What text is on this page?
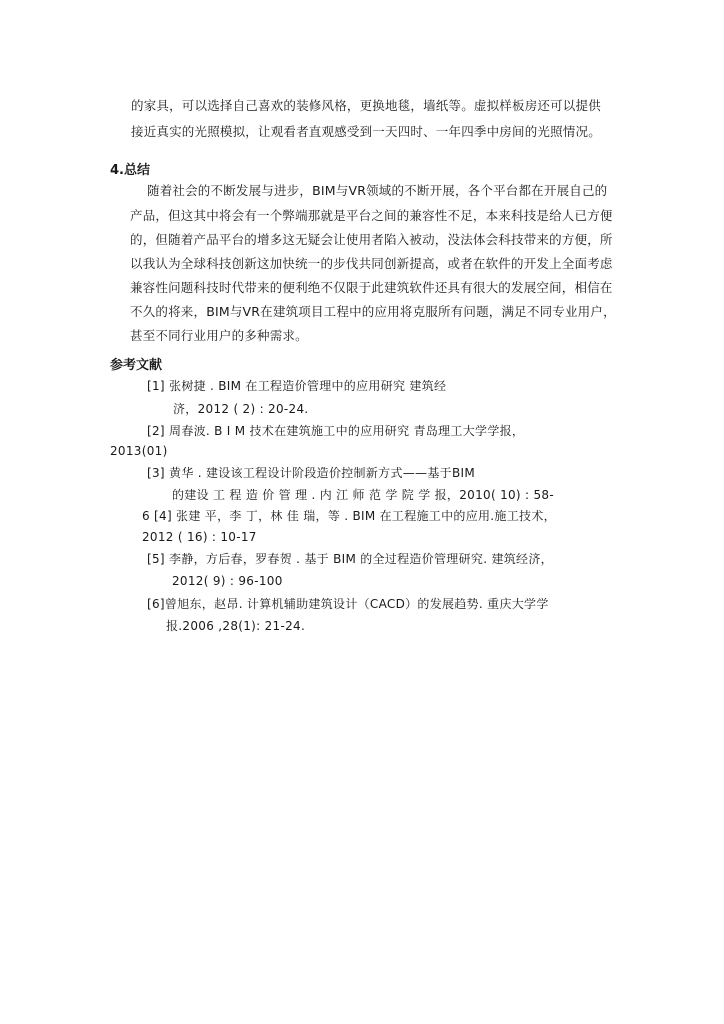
的家具，可以选择自己喜欢的装修风格，更换地毯，墙纸等。虚拟样板房还可以提供
接近真实的光照模拟，让观看者直观感受到一天四时、一年四季中房间的光照情况。
4.总结
随着社会的不断发展与进步，BIM与VR领域的不断开展，各个平台都在开展自己的
产品，但这其中将会有一个弊端那就是平台之间的兼容性不足，本来科技是给人已方便
的，但随着产品平台的增多这无疑会让使用者陷入被动，没法体会科技带来的方便，所
以我认为全球科技创新这加快统一的步伐共同创新提高，或者在软件的开发上全面考虑
兼容性问题科技时代带来的便利绝不仅限于此建筑软件还具有很大的发展空间，相信在
不久的将来，BIM与VR在建筑项目工程中的应用将克服所有问题，满足不同专业用户，
甚至不同行业用户的多种需求。
参考文献
[1] 张树捷 . BIM 在工程造价管理中的应用研究 建筑经
济，2012 ( 2) : 20-24.
[2] 周春波. B I M 技术在建筑施工中的应用研究 青岛理工大学学报，
2013(01)
[3] 黄华 . 建设该工程设计阶段造价控制新方式——基于BIM
的建设 工 程 造 价 管 理 . 内 江 师 范 学 院 学 报，2010( 10) : 58-
6 [4] 张建 平，李 丁，林 佳 瑞，等 . BIM 在工程施工中的应用.施工技术，
2012 ( 16) : 10-17
[5] 李静，方后春，罗春贺 . 基于 BIM 的全过程造价管理研究. 建筑经济，
2012( 9) : 96-100
[6]曾旭东，赵昂. 计算机辅助建筑设计（CACD）的发展趋势. 重庆大学学
报.2006 ,28(1): 21-24.
